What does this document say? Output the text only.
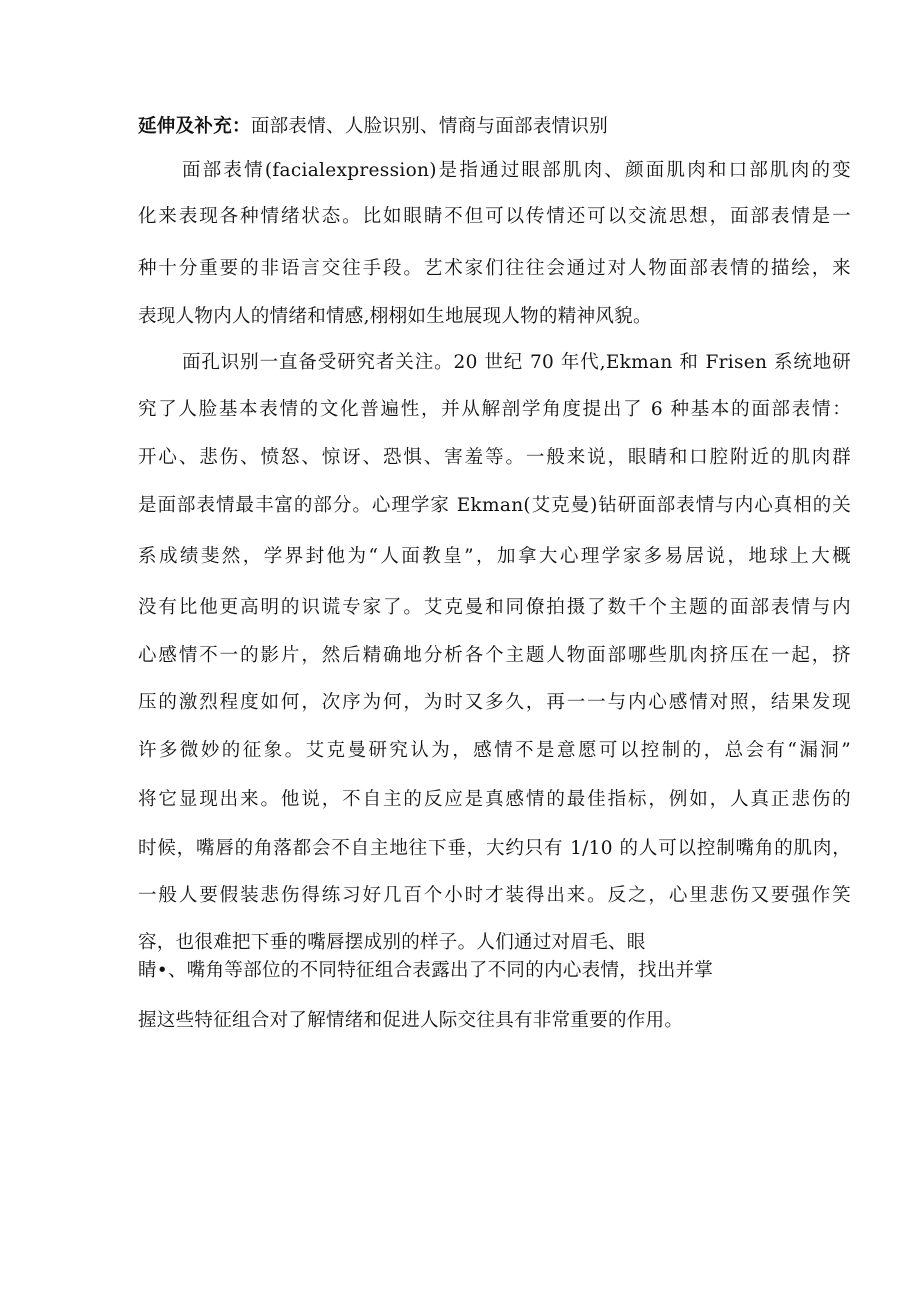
延伸及补充：面部表情、人脸识别、情商与面部表情识别
面部表情(facialexpression)是指通过眼部肌肉、颜面肌肉和口部肌肉的变
化来表现各种情绪状态。比如眼睛不但可以传情还可以交流思想，面部表情是一
种十分重要的非语言交往手段。艺术家们往往会通过对人物面部表情的描绘，来
表现人物内人的情绪和情感,栩栩如生地展现人物的精神风貌。
面孔识别一直备受研究者关注。20 世纪 70 年代,Ekman 和 Frisen 系统地研
究了人脸基本表情的文化普遍性，并从解剖学角度提出了 6 种基本的面部表情：
开心、悲伤、愤怒、惊讶、恐惧、害羞等。一般来说，眼睛和口腔附近的肌肉群
是面部表情最丰富的部分。心理学家 Ekman(艾克曼)钻研面部表情与内心真相的关
系成绩斐然，学界封他为“人面教皇”，加拿大心理学家多易居说，地球上大概
没有比他更高明的识谎专家了。艾克曼和同僚拍摄了数千个主题的面部表情与内
心感情不一的影片，然后精确地分析各个主题人物面部哪些肌肉挤压在一起，挤
压的激烈程度如何，次序为何，为时又多久，再一一与内心感情对照，结果发现
许多微妙的征象。艾克曼研究认为，感情不是意愿可以控制的，总会有“漏洞”
将它显现出来。他说，不自主的反应是真感情的最佳指标，例如，人真正悲伤的
时候，嘴唇的角落都会不自主地往下垂，大约只有 1/10 的人可以控制嘴角的肌肉，
一般人要假装悲伤得练习好几百个小时才装得出来。反之，心里悲伤又要强作笑
容，也很难把下垂的嘴唇摆成别的样子。人们通过对眉毛、眼
睛•、嘴角等部位的不同特征组合表露出了不同的内心表情，找出并掌
握这些特征组合对了解情绪和促进人际交往具有非常重要的作用。
